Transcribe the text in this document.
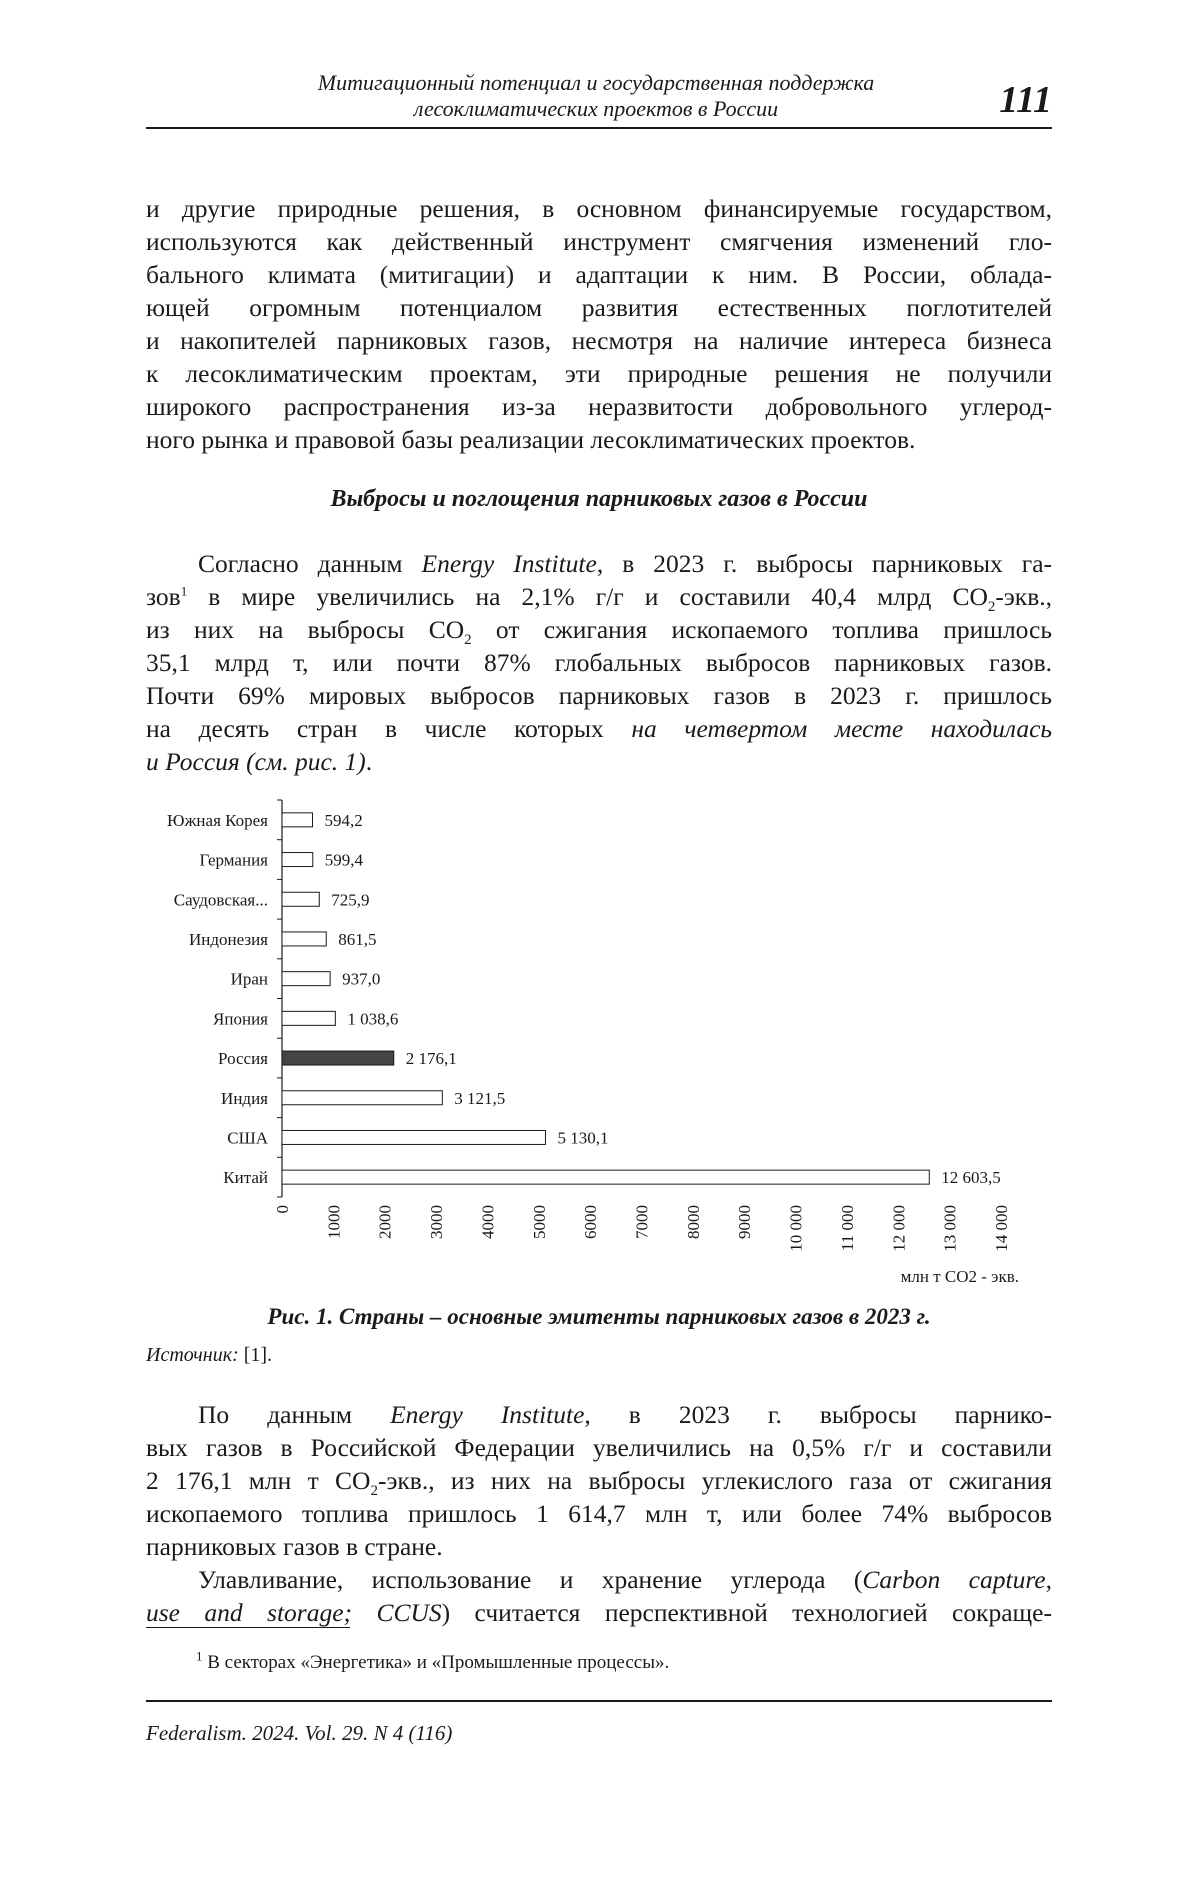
Митигационный потенциал и государственная поддержка
лесоклиматических проектов в России	111
и другие природные решения, в основном финансируемые государством,
используются как действенный инструмент смягчения изменений гло-
бального климата (митигации) и адаптации к ним. В России, облада-
ющей огромным потенциалом развития естественных поглотителей
и накопителей парниковых газов, несмотря на наличие интереса бизнеса
к лесоклиматическим проектам, эти природные решения не получили
широкого распространения из-за неразвитости добровольного углерод-
ного рынка и правовой базы реализации лесоклиматических проектов.
Выбросы и поглощения парниковых газов в России
Согласно данным Energy Institute, в 2023 г. выбросы парниковых га-
зов$^1$ в мире увеличились на 2,1% г/г и составили 40,4 млрд $СО_2$-экв.,
из них на выбросы $СО_2$ от сжигания ископаемого топлива пришлось
35,1 млрд т, или почти 87% глобальных выбросов парниковых газов.
Почти 69% мировых выбросов парниковых газов в 2023 г. пришлось
на десять стран в числе которых на четвертом месте находилась
и Россия (см. рис. 1).
Южная Корея	594,2
Германия	599,4
Саудовская...	725,9
Индонезия	861,5
Иран	937,0
Япония	1 038,6
Россия	2 176,1
Индия	3 121,5
США	5 130,1
Китай	12 603,5
0 1000 2000 3000 4000 5000 6000 7000 8000 9000 10 000 11 000 12 000 13 000 14 000
млн т СО2 - экв.
Рис. 1. Страны – основные эмитенты парниковых газов в 2023 г.
Источник: [1].
По данным Energy Institute, в 2023 г. выбросы парнико-
вых газов в Российской Федерации увеличились на 0,5% г/г и составили
2 176,1 млн т $СО_2$-экв., из них на выбросы углекислого газа от сжигания
ископаемого топлива пришлось 1 614,7 млн т, или более 74% выбросов
парниковых газов в стране.
Улавливание, использование и хранение углерода (Carbon capture,
use and storage; CCUS) считается перспективной технологией сокраще-
$^1$ В секторах «Энергетика» и «Промышленные процессы».
Federalism. 2024. Vol. 29. N 4 (116)
